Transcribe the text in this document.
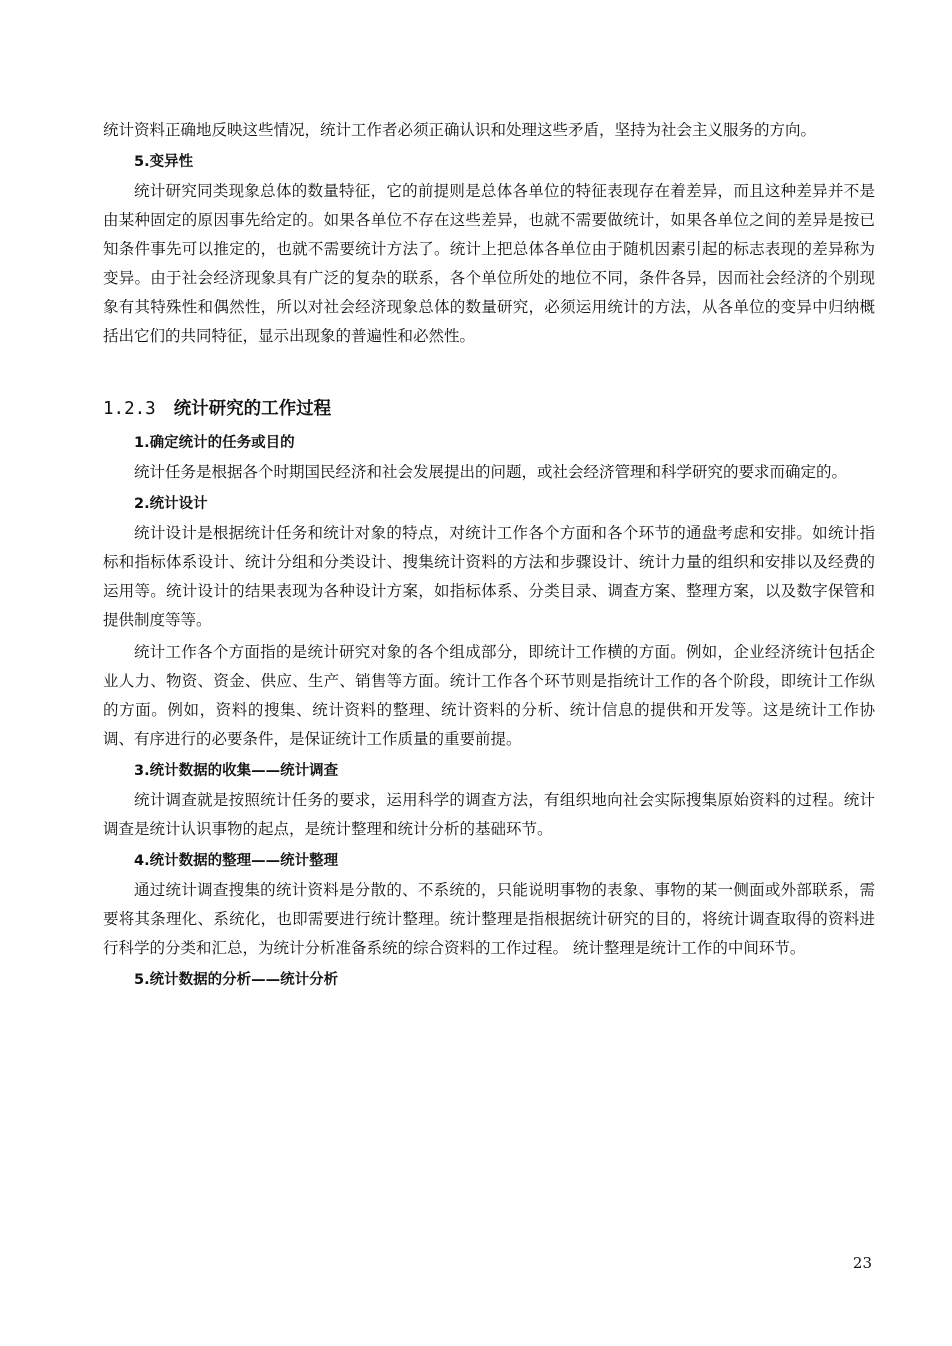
统计资料正确地反映这些情况，统计工作者必须正确认识和处理这些矛盾，坚持为社会主义服务的方向。

5.变异性

统计研究同类现象总体的数量特征，它的前提则是总体各单位的特征表现存在着差异，而且这种差异并不是由某种固定的原因事先给定的。如果各单位不存在这些差异，也就不需要做统计，如果各单位之间的差异是按已知条件事先可以推定的，也就不需要统计方法了。统计上把总体各单位由于随机因素引起的标志表现的差异称为变异。由于社会经济现象具有广泛的复杂的联系，各个单位所处的地位不同，条件各异，因而社会经济的个别现象有其特殊性和偶然性，所以对社会经济现象总体的数量研究，必须运用统计的方法，从各单位的变异中归纳概括出它们的共同特征，显示出现象的普遍性和必然性。

1.2.3 统计研究的工作过程

1.确定统计的任务或目的

统计任务是根据各个时期国民经济和社会发展提出的问题，或社会经济管理和科学研究的要求而确定的。

2.统计设计

统计设计是根据统计任务和统计对象的特点，对统计工作各个方面和各个环节的通盘考虑和安排。如统计指标和指标体系设计、统计分组和分类设计、搜集统计资料的方法和步骤设计、统计力量的组织和安排以及经费的运用等。统计设计的结果表现为各种设计方案，如指标体系、分类目录、调查方案、整理方案，以及数字保管和提供制度等等。

统计工作各个方面指的是统计研究对象的各个组成部分，即统计工作横的方面。例如，企业经济统计包括企业人力、物资、资金、供应、生产、销售等方面。统计工作各个环节则是指统计工作的各个阶段，即统计工作纵的方面。例如，资料的搜集、统计资料的整理、统计资料的分析、统计信息的提供和开发等。这是统计工作协调、有序进行的必要条件，是保证统计工作质量的重要前提。

3.统计数据的收集——统计调查

统计调查就是按照统计任务的要求，运用科学的调查方法，有组织地向社会实际搜集原始资料的过程。统计调查是统计认识事物的起点，是统计整理和统计分析的基础环节。

4.统计数据的整理——统计整理

通过统计调查搜集的统计资料是分散的、不系统的，只能说明事物的表象、事物的某一侧面或外部联系，需要将其条理化、系统化，也即需要进行统计整理。统计整理是指根据统计研究的目的，将统计调查取得的资料进行科学的分类和汇总，为统计分析准备系统的综合资料的工作过程。 统计整理是统计工作的中间环节。

5.统计数据的分析——统计分析

23
